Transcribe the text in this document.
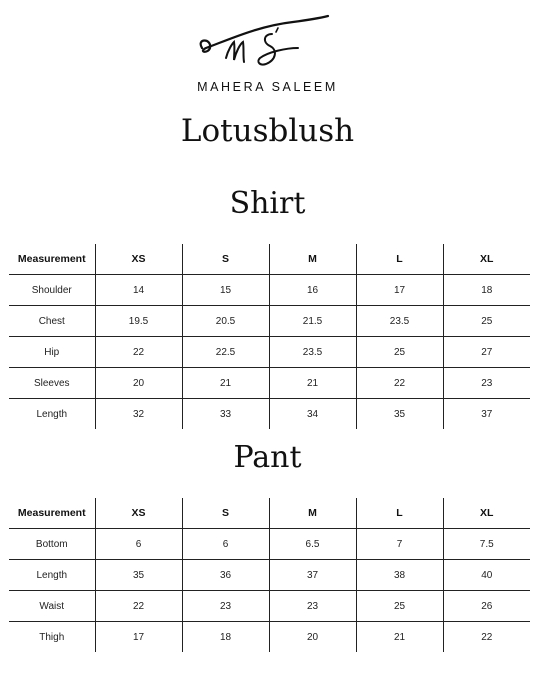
MAHERA SALEEM
Lotusblush
Shirt
Measurement	XS	S	M	L	XL
Shoulder	14	15	16	17	18
Chest	19.5	20.5	21.5	23.5	25
Hip	22	22.5	23.5	25	27
Sleeves	20	21	21	22	23
Length	32	33	34	35	37
Pant
Measurement	XS	S	M	L	XL
Bottom	6	6	6.5	7	7.5
Length	35	36	37	38	40
Waist	22	23	23	25	26
Thigh	17	18	20	21	22
